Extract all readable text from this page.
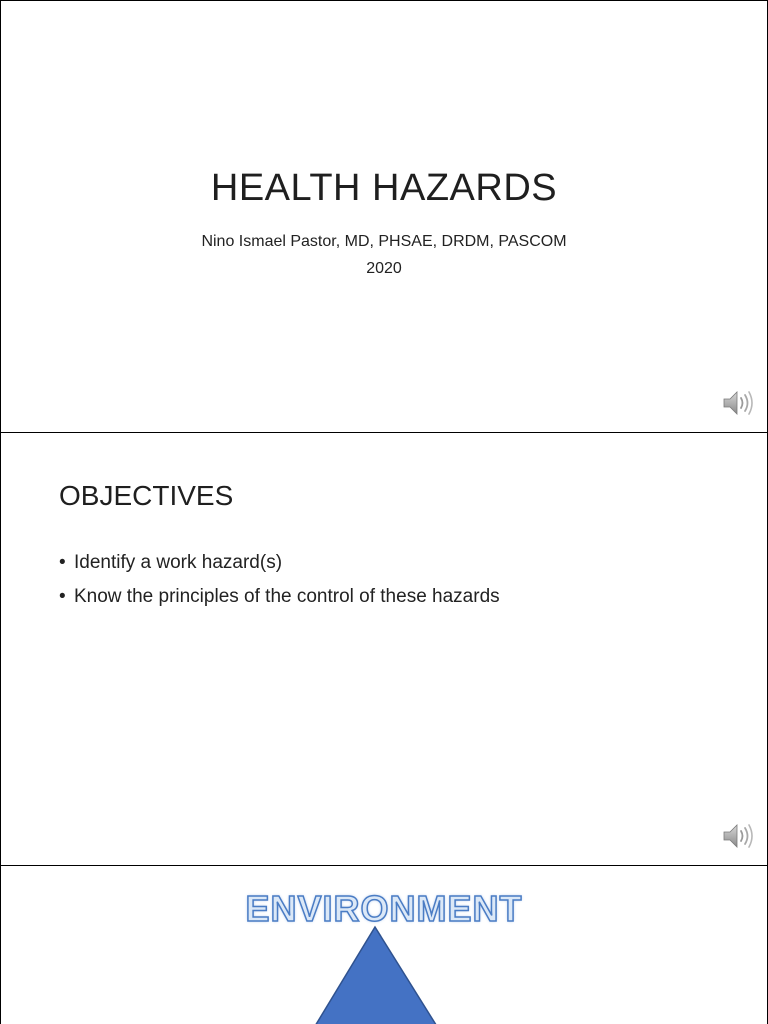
HEALTH HAZARDS
Nino Ismael Pastor, MD, PHSAE, DRDM, PASCOM
2020
OBJECTIVES
• Identify a work hazard(s)
• Know the principles of the control of these hazards
ENVIRONMENT
